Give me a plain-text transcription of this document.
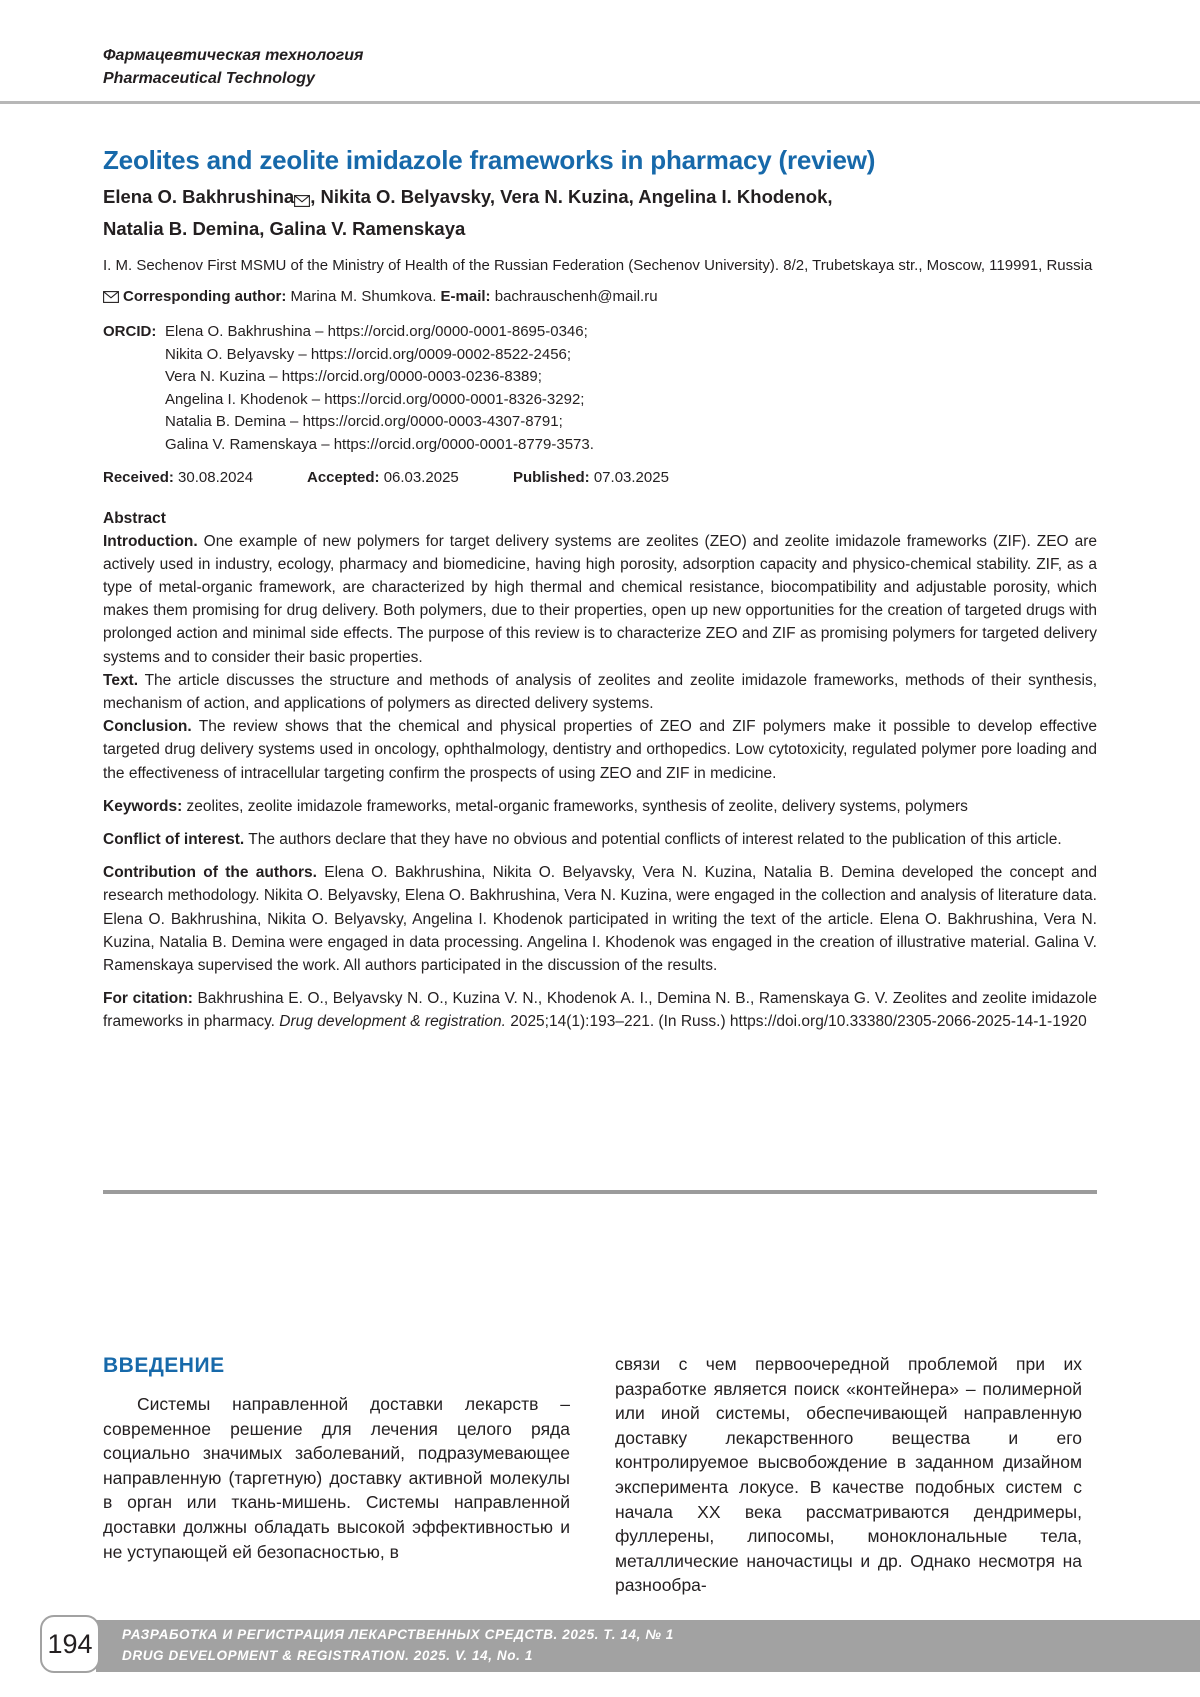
Фармацевтическая технология
Pharmaceutical Technology
Zeolites and zeolite imidazole frameworks in pharmacy (review)
Elena O. Bakhrushina , Nikita O. Belyavsky, Vera N. Kuzina, Angelina I. Khodenok,
Natalia B. Demina, Galina V. Ramenskaya
I. M. Sechenov First MSMU of the Ministry of Health of the Russian Federation (Sechenov University). 8/2, Trubetskaya str., Moscow, 119991, Russia
Corresponding author: Marina M. Shumkova. E-mail: bachrauschenh@mail.ru
ORCID: Elena O. Bakhrushina – https://orcid.org/0000-0001-8695-0346;
Nikita O. Belyavsky – https://orcid.org/0009-0002-8522-2456;
Vera N. Kuzina – https://orcid.org/0000-0003-0236-8389;
Angelina I. Khodenok – https://orcid.org/0000-0001-8326-3292;
Natalia B. Demina – https://orcid.org/0000-0003-4307-8791;
Galina V. Ramenskaya – https://orcid.org/0000-0001-8779-3573.
Received: 30.08.2024	Accepted: 06.03.2025	Published: 07.03.2025
Abstract

Introduction. One example of new polymers for target delivery systems are zeolites (ZEO) and zeolite imidazole frameworks (ZIF). ZEO are actively used in industry, ecology, pharmacy and biomedicine, having high porosity, adsorption capacity and physico-chemical stability. ZIF, as a type of metal-organic framework, are characterized by high thermal and chemical resistance, biocompatibility and adjustable porosity, which makes them promising for drug delivery. Both polymers, due to their properties, open up new opportunities for the creation of targeted drugs with prolonged action and minimal side effects. The purpose of this review is to characterize ZEO and ZIF as promising polymers for targeted delivery systems and to consider their basic properties.

Text. The article discusses the structure and methods of analysis of zeolites and zeolite imidazole frameworks, methods of their synthesis, mechanism of action, and applications of polymers as directed delivery systems.

Conclusion. The review shows that the chemical and physical properties of ZEO and ZIF polymers make it possible to develop effective targeted drug delivery systems used in oncology, ophthalmology, dentistry and orthopedics. Low cytotoxicity, regulated polymer pore loading and the effectiveness of intracellular targeting confirm the prospects of using ZEO and ZIF in medicine.

Keywords: zeolites, zeolite imidazole frameworks, metal-organic frameworks, synthesis of zeolite, delivery systems, polymers

Conflict of interest. The authors declare that they have no obvious and potential conflicts of interest related to the publication of this article.

Contribution of the authors. Elena O. Bakhrushina, Nikita O. Belyavsky, Vera N. Kuzina, Natalia B. Demina developed the concept and research methodology. Nikita O. Belyavsky, Elena O. Bakhrushina, Vera N. Kuzina, were engaged in the collection and analysis of literature data. Elena O. Bakhrushina, Nikita O. Belyavsky, Angelina I. Khodenok participated in writing the text of the article. Elena O. Bakhrushina, Vera N. Kuzina, Natalia B. Demina were engaged in data processing. Angelina I. Khodenok was engaged in the creation of illustrative material. Galina V. Ramenskaya supervised the work. All authors participated in the discussion of the results.

For citation: Bakhrushina E. O., Belyavsky N. O., Kuzina V. N., Khodenok A. I., Demina N. B., Ramenskaya G. V. Zeolites and zeolite imidazole frameworks in pharmacy. Drug development & registration. 2025;14(1):193–221. (In Russ.) https://doi.org/10.33380/2305-2066-2025-14-1-1920

ВВЕДЕНИЕ
Системы направленной доставки лекарств – современное решение для лечения целого ряда социально значимых заболеваний, подразумевающее направленную (таргетную) доставку активной молекулы в орган или ткань-мишень. Системы направленной доставки должны обладать высокой эффективностью и не уступающей ей безопасностью, в
связи с чем первоочередной проблемой при их разработке является поиск «контейнера» – полимерной или иной системы, обеспечивающей направленную доставку лекарственного вещества и его контролируемое высвобождение в заданном дизайном эксперимента локусе. В качестве подобных систем с начала XX века рассматриваются дендримеры, фуллерены, липосомы, моноклональные тела, металлические наночастицы и др. Однако несмотря на разнообра-
РАЗРАБОТКА И РЕГИСТРАЦИЯ ЛЕКАРСТВЕННЫХ СРЕДСТВ. 2025. Т. 14, № 1
DRUG DEVELOPMENT & REGISTRATION. 2025. V. 14, No. 1
194
